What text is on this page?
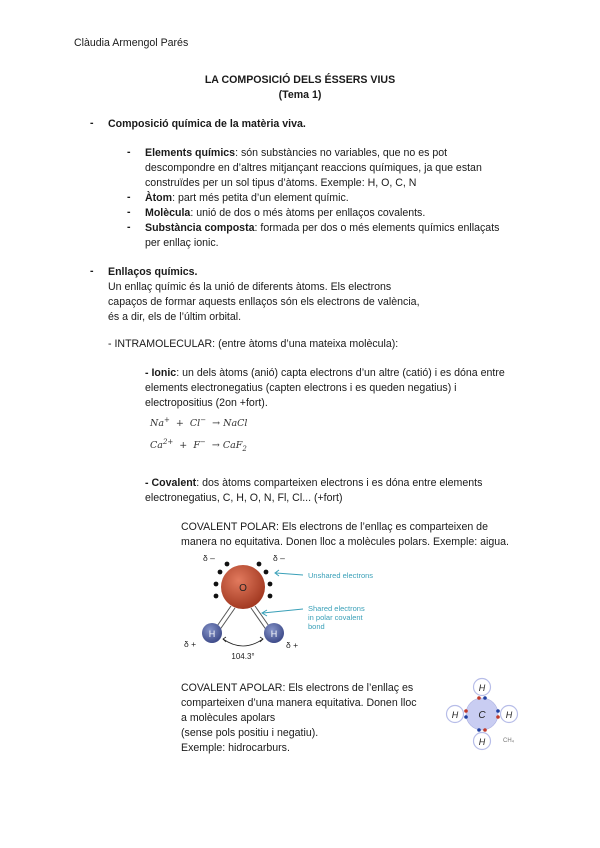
Clàudia Armengol Parés
LA COMPOSICIÓ DELS ÉSSERS VIUS
(Tema 1)
- Composició química de la matèria viva.
- Elements químics: són substàncies no variables, que no es pot
descompondre en d’altres mitjançant reaccions químiques, ja que estan
construïdes per un sol tipus d’àtoms. Exemple: H, O, C, N
- Àtom: part més petita d’un element químic.
- Molècula: unió de dos o més àtoms per enllaços covalents.
- Substància composta: formada per dos o més elements químics enllaçats
per enllaç ionic.
- Enllaços químics.
Un enllaç químic és la unió de diferents àtoms. Els electrons
capaços de formar aquests enllaços són els electrons de valència,
és a dir, els de l’últim orbital.
- INTRAMOLECULAR: (entre àtoms d’una mateixa molècula):
- Ionic: un dels àtoms (anió) capta electrons d’un altre (catió) i es dóna entre
elements electronegatius (capten electrons i es queden negatius) i
electropositius (2on +fort).
Na+  +  Cl− → NaCl
$Ca^{2+} + F^- \to CaF_2$
- Covalent: dos àtoms comparteixen electrons i es dóna entre elements
electronegatius, C, H, O, N, Fl, Cl... (+fort)
COVALENT POLAR: Els electrons de l’enllaç es comparteixen de
manera no equitativa. Donen lloc a molècules polars. Exemple: aigua.
O
H	H
δ –	δ –
δ +	δ +
104.3°
Unshared electrons
Shared electrons
in polar covalent
bond
COVALENT APOLAR: Els electrons de l’enllaç es
comparteixen d’una manera equitativa. Donen lloc
a molècules apolars
(sense pols positiu i negatiu).
Exemple: hidrocarburs.
C
H
H	H
H	CH₄
